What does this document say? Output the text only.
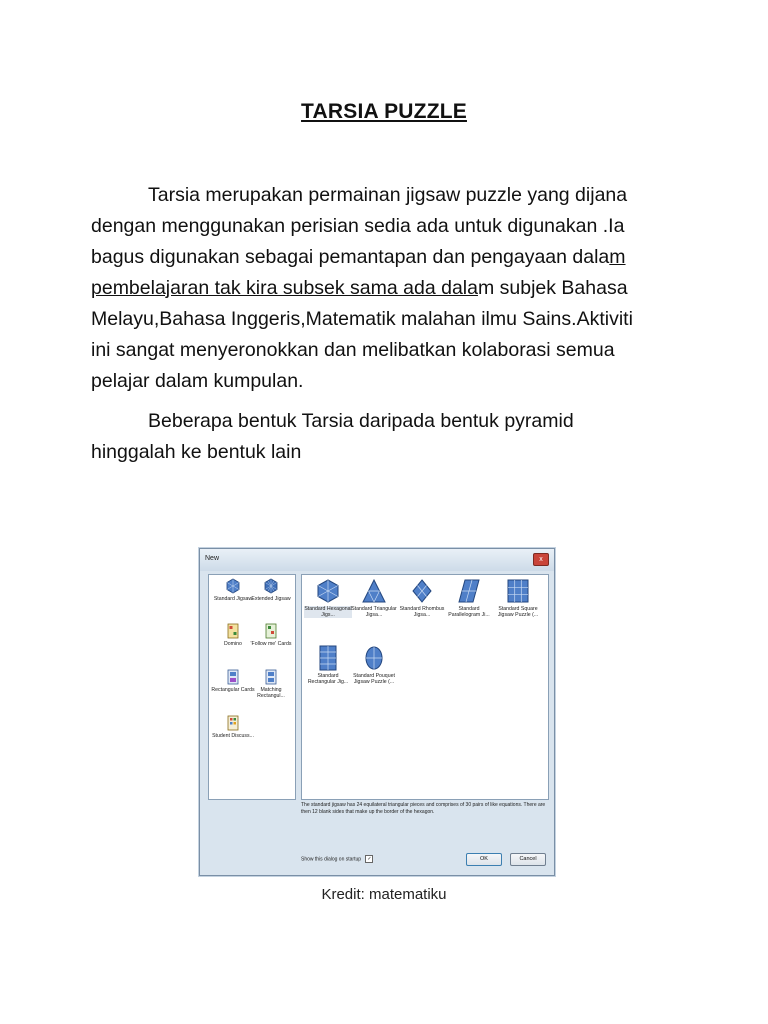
TARSIA PUZZLE

Tarsia merupakan permainan jigsaw puzzle yang dijana
dengan menggunakan perisian sedia ada untuk digunakan .Ia
bagus digunakan sebagai pemantapan dan pengayaan dalam
pembelajaran tak kira subsek sama ada dalam subjek Bahasa
Melayu,Bahasa Inggeris,Matematik malahan ilmu Sains.Aktiviti
ini sangat menyeronokkan dan melibatkan kolaborasi semua
pelajar dalam kumpulan.

Beberapa bentuk Tarsia daripada bentuk pyramid
hinggalah ke bentuk lain

New	x
Standard Jigsaw Extended Jigsaw
Domino	'Follow me' Cards
Rectangular Cards	Matching Rectangul...
Student Discuss...
Standard Hexagonal Jigs...
Standard Triangular Jigsa...
Standard Rhombus Jigsa...
Standard Parallelogram Ji...
Standard Square Jigsaw Puzzle (...
Standard Rectangular Jig...
Standard Pouquet Jigsaw Puzzle (...
The standard jigsaw has 24 equilateral triangular pieces and comprises of 30 pairs of like equations. There are then 12 blank sides that make up the border of the hexagon.
Show this dialog on startup ✓	OK	Cancel
Kredit: matematiku
